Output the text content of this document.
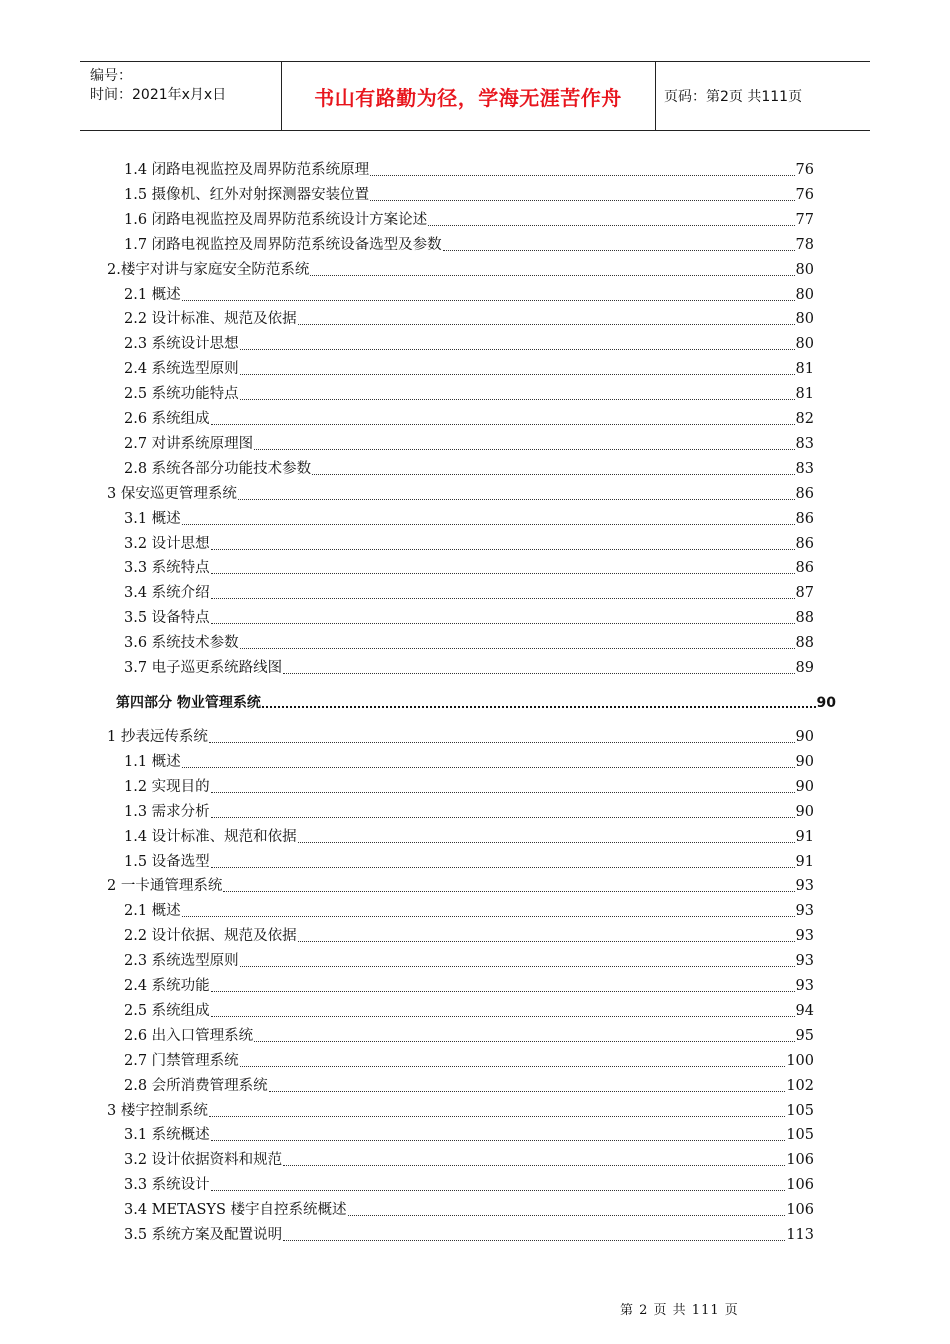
编号：
时间：2021年x月x日	书山有路勤为径，学海无涯苦作舟	页码：第2页 共111页
1.4 闭路电视监控及周界防范系统原理	76
1.5 摄像机、红外对射探测器安装位置	76
1.6 闭路电视监控及周界防范系统设计方案论述	77
1.7 闭路电视监控及周界防范系统设备选型及参数	78
2.楼宇对讲与家庭安全防范系统	80
2.1 概述	80
2.2 设计标准、规范及依据	80
2.3 系统设计思想	80
2.4 系统选型原则	81
2.5 系统功能特点	81
2.6 系统组成	82
2.7 对讲系统原理图	83
2.8 系统各部分功能技术参数	83
3 保安巡更管理系统	86
3.1 概述	86
3.2 设计思想	86
3.3 系统特点	86
3.4 系统介绍	87
3.5 设备特点	88
3.6 系统技术参数	88
3.7 电子巡更系统路线图	89
第四部分 物业管理系统	90
1 抄表远传系统	90
1.1 概述	90
1.2 实现目的	90
1.3 需求分析	90
1.4 设计标准、规范和依据	91
1.5 设备选型	91
2 一卡通管理系统	93
2.1 概述	93
2.2 设计依据、规范及依据	93
2.3 系统选型原则	93
2.4 系统功能	93
2.5 系统组成	94
2.6 出入口管理系统	95
2.7 门禁管理系统	100
2.8 会所消费管理系统	102
3 楼宇控制系统	105
3.1 系统概述	105
3.2 设计依据资料和规范	106
3.3 系统设计	106
3.4 METASYS 楼宇自控系统概述	106
3.5 系统方案及配置说明	113
第 2 页 共 111 页
